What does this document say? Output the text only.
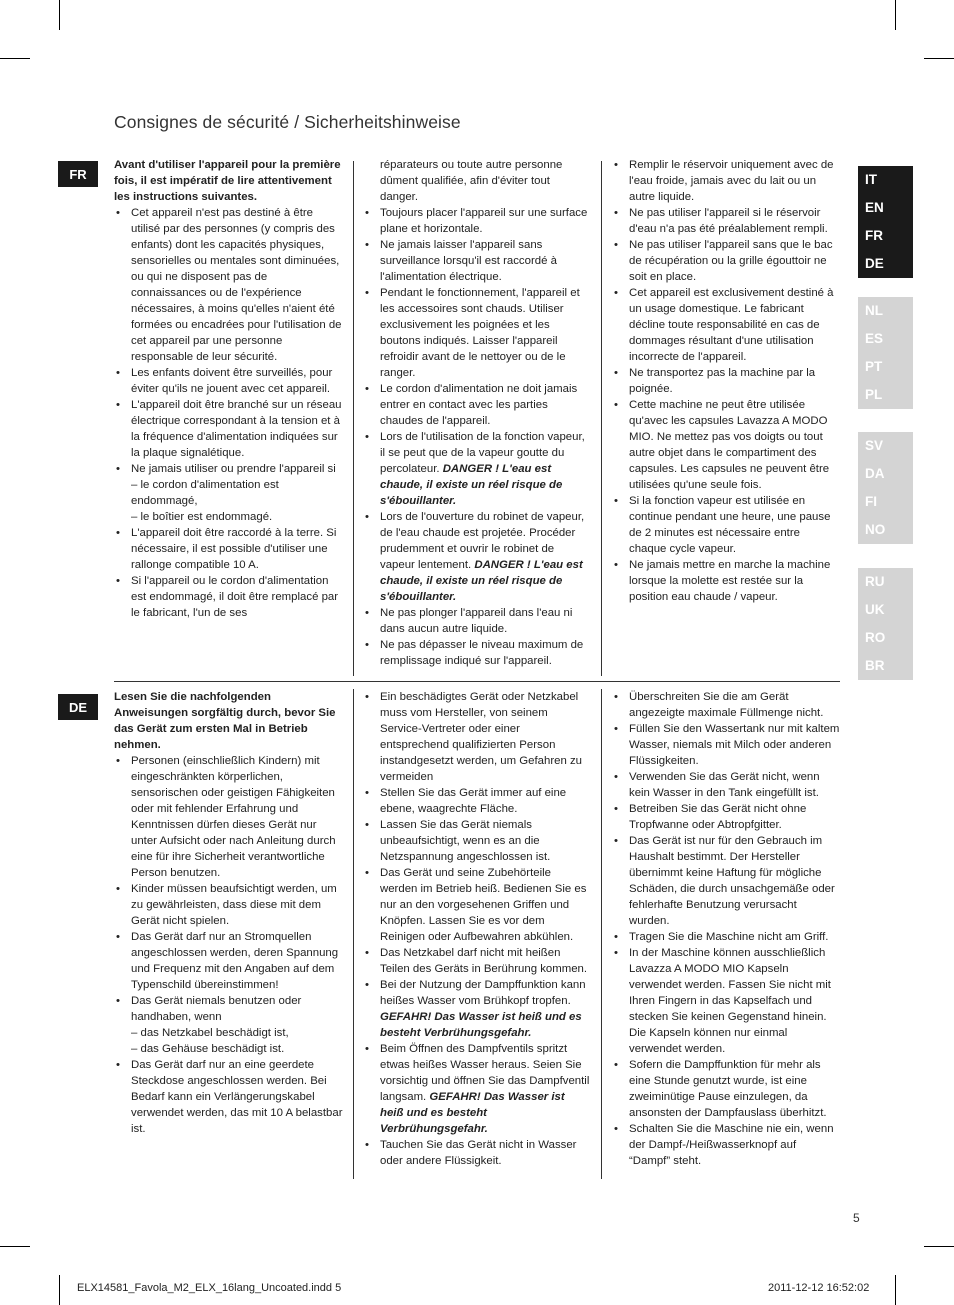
Consignes de sécurité / Sicherheitshinweise
IT
EN
FR
DE
NL
ES
PT
PL
SV
DA
FI
NO
RU
UK
RO
BR
FR

Avant d'utiliser l'appareil pour la première fois, il est impératif de lire attentivement les instructions suivantes.

• Cet appareil n'est pas destiné à être utilisé par des personnes (y compris des enfants) dont les capacités physiques, sensorielles ou mentales sont diminuées, ou qui ne disposent pas de connaissances ou de l'expérience nécessaires, à moins qu'elles n'aient été formées ou encadrées pour l'utilisation de cet appareil par une personne responsable de leur sécurité.
• Les enfants doivent être surveillés, pour éviter qu'ils ne jouent avec cet appareil.
• L'appareil doit être branché sur un réseau électrique correspondant à la tension et à la fréquence d'alimentation indiquées sur la plaque signalétique.
• Ne jamais utiliser ou prendre l'appareil si
– le cordon d'alimentation est endommagé,
– le boîtier est endommagé.
• L'appareil doit être raccordé à la terre. Si nécessaire, il est possible d'utiliser une rallonge compatible 10 A.
• Si l'appareil ou le cordon d'alimentation est endommagé, il doit être remplacé par le fabricant, l'un de ses
réparateurs ou toute autre personne dûment qualifiée, afin d'éviter tout danger.
• Toujours placer l'appareil sur une surface plane et horizontale.
• Ne jamais laisser l'appareil sans surveillance lorsqu'il est raccordé à l'alimentation électrique.
• Pendant le fonctionnement, l'appareil et les accessoires sont chauds. Utiliser exclusivement les poignées et les boutons indiqués. Laisser l'appareil refroidir avant de le nettoyer ou de le ranger.
• Le cordon d'alimentation ne doit jamais entrer en contact avec les parties chaudes de l'appareil.
• Lors de l'utilisation de la fonction vapeur, il se peut que de la vapeur goutte du percolateur. DANGER ! L'eau est chaude, il existe un réel risque de s'ébouillanter.
• Lors de l'ouverture du robinet de vapeur, de l'eau chaude est projetée. Procéder prudemment et ouvrir le robinet de vapeur lentement. DANGER ! L'eau est chaude, il existe un réel risque de s'ébouillanter.
• Ne pas plonger l'appareil dans l'eau ni dans aucun autre liquide.
• Ne pas dépasser le niveau maximum de remplissage indiqué sur l'appareil.
• Remplir le réservoir uniquement avec de l'eau froide, jamais avec du lait ou un autre liquide.
• Ne pas utiliser l'appareil si le réservoir d'eau n'a pas été préalablement rempli.
• Ne pas utiliser l'appareil sans que le bac de récupération ou la grille égouttoir ne soit en place.
• Cet appareil est exclusivement destiné à un usage domestique. Le fabricant décline toute responsabilité en cas de dommages résultant d'une utilisation incorrecte de l'appareil.
• Ne transportez pas la machine par la poignée.
• Cette machine ne peut être utilisée qu'avec les capsules Lavazza A MODO MIO. Ne mettez pas vos doigts ou tout autre objet dans le compartiment des capsules. Les capsules ne peuvent être utilisées qu'une seule fois.
• Si la fonction vapeur est utilisée en continue pendant une heure, une pause de 2 minutes est nécessaire entre chaque cycle vapeur.
• Ne jamais mettre en marche la machine lorsque la molette est restée sur la position eau chaude / vapeur.
DE

Lesen Sie die nachfolgenden Anweisungen sorgfältig durch, bevor Sie das Gerät zum ersten Mal in Betrieb nehmen.

• Personen (einschließlich Kindern) mit eingeschränkten körperlichen, sensorischen oder geistigen Fähigkeiten oder mit fehlender Erfahrung und Kenntnissen dürfen dieses Gerät nur unter Aufsicht oder nach Anleitung durch eine für ihre Sicherheit verantwortliche Person benutzen.
• Kinder müssen beaufsichtigt werden, um zu gewährleisten, dass diese mit dem Gerät nicht spielen.
• Das Gerät darf nur an Stromquellen angeschlossen werden, deren Spannung und Frequenz mit den Angaben auf dem Typenschild übereinstimmen!
• Das Gerät niemals benutzen oder handhaben, wenn
– das Netzkabel beschädigt ist,
– das Gehäuse beschädigt ist.
• Das Gerät darf nur an eine geerdete Steckdose angeschlossen werden. Bei Bedarf kann ein Verlängerungskabel verwendet werden, das mit 10 A belastbar ist.
• Ein beschädigtes Gerät oder Netzkabel muss vom Hersteller, von seinem Service-Vertreter oder einer entsprechend qualifizierten Person instandgesetzt werden, um Gefahren zu vermeiden
• Stellen Sie das Gerät immer auf eine ebene, waagrechte Fläche.
• Lassen Sie das Gerät niemals unbeaufsichtigt, wenn es an die Netzspannung angeschlossen ist.
• Das Gerät und seine Zubehörteile werden im Betrieb heiß. Bedienen Sie es nur an den vorgesehenen Griffen und Knöpfen. Lassen Sie es vor dem Reinigen oder Aufbewahren abkühlen.
• Das Netzkabel darf nicht mit heißen Teilen des Geräts in Berührung kommen.
• Bei der Nutzung der Dampffunktion kann heißes Wasser vom Brühkopf tropfen. GEFAHR! Das Wasser ist heiß und es besteht Verbrühungsgefahr.
• Beim Öffnen des Dampfventils spritzt etwas heißes Wasser heraus. Seien Sie vorsichtig und öffnen Sie das Dampfventil langsam. GEFAHR! Das Wasser ist heiß und es besteht Verbrühungsgefahr.
• Tauchen Sie das Gerät nicht in Wasser oder andere Flüssigkeit.
• Überschreiten Sie die am Gerät angezeigte maximale Füllmenge nicht.
• Füllen Sie den Wassertank nur mit kaltem Wasser, niemals mit Milch oder anderen Flüssigkeiten.
• Verwenden Sie das Gerät nicht, wenn kein Wasser in den Tank eingefüllt ist.
• Betreiben Sie das Gerät nicht ohne Tropfwanne oder Abtropfgitter.
• Das Gerät ist nur für den Gebrauch im Haushalt bestimmt. Der Hersteller übernimmt keine Haftung für mögliche Schäden, die durch unsachgemäße oder fehlerhafte Benutzung verursacht wurden.
• Tragen Sie die Maschine nicht am Griff.
• In der Maschine können ausschließlich Lavazza A MODO MIO Kapseln verwendet werden. Fassen Sie nicht mit Ihren Fingern in das Kapselfach und stecken Sie keinen Gegenstand hinein. Die Kapseln können nur einmal verwendet werden.
• Sofern die Dampffunktion für mehr als eine Stunde genutzt wurde, ist eine zweiminütige Pause einzulegen, da ansonsten der Dampfauslass überhitzt.
• Schalten Sie die Maschine nie ein, wenn der Dampf-/Heißwasserknopf auf “Dampf” steht.
5
ELX14581_Favola_M2_ELX_16lang_Uncoated.indd 5	2011-12-12 16:52:02
